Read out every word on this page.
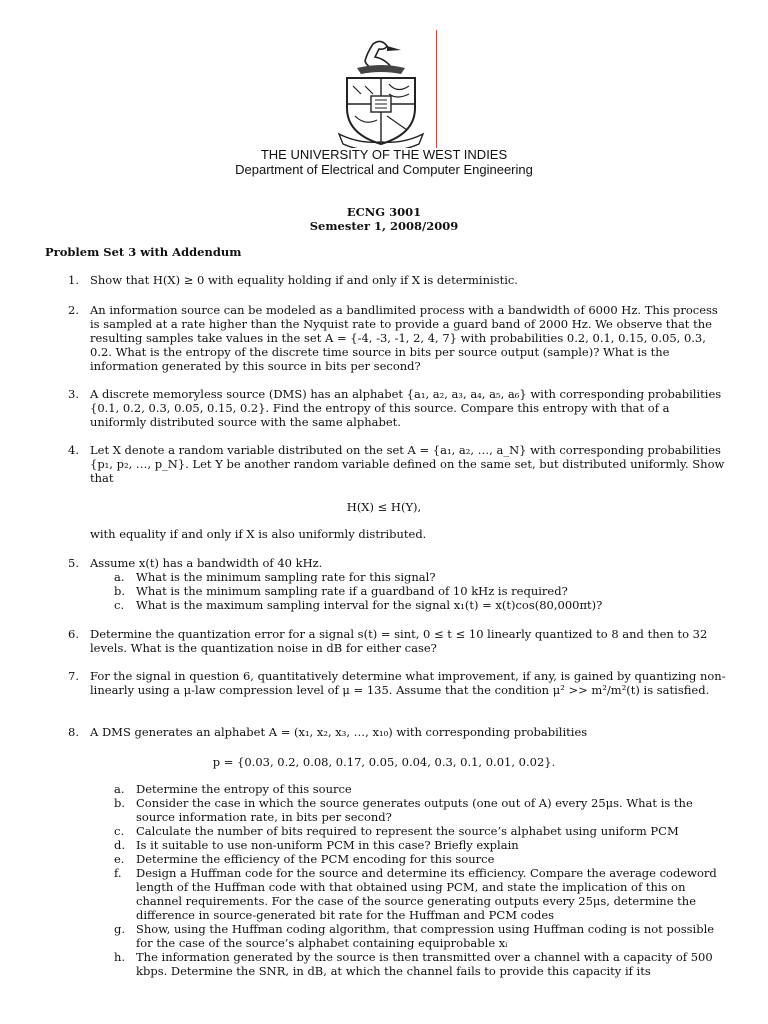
THE UNIVERSITY OF THE WEST INDIES
Department of Electrical and Computer Engineering
ECNG 3001
Semester 1, 2008/2009
Problem Set 3 with Addendum
1. Show that H(X) ≥ 0 with equality holding if and only if X is deterministic.
2. An information source can be modeled as a bandlimited process with a bandwidth of 6000 Hz. This process is sampled at a rate higher than the Nyquist rate to provide a guard band of 2000 Hz. We observe that the resulting samples take values in the set A = {-4, -3, -1, 2, 4, 7} with probabilities 0.2, 0.1, 0.15, 0.05, 0.3, 0.2. What is the entropy of the discrete time source in bits per source output (sample)? What is the information generated by this source in bits per second?
3. A discrete memoryless source (DMS) has an alphabet {a₁, a₂, a₃, a₄, a₅, a₆} with corresponding probabilities {0.1, 0.2, 0.3, 0.05, 0.15, 0.2}. Find the entropy of this source. Compare this entropy with that of a uniformly distributed source with the same alphabet.
4. Let X denote a random variable distributed on the set A = {a₁, a₂, …, a_N} with corresponding probabilities {p₁, p₂, …, p_N}. Let Y be another random variable defined on the same set, but distributed uniformly. Show that
H(X) ≤ H(Y),
with equality if and only if X is also uniformly distributed.
5. Assume x(t) has a bandwidth of 40 kHz.
a. What is the minimum sampling rate for this signal?
b. What is the minimum sampling rate if a guardband of 10 kHz is required?
c. What is the maximum sampling interval for the signal x₁(t) = x(t)cos(80,000πt)?
6. Determine the quantization error for a signal s(t) = sint, 0 ≤ t ≤ 10 linearly quantized to 8 and then to 32 levels. What is the quantization noise in dB for either case?
7. For the signal in question 6, quantitatively determine what improvement, if any, is gained by quantizing non-linearly using a μ-law compression level of μ = 135. Assume that the condition μ² >> m²/m²(t) is satisfied.
8. A DMS generates an alphabet A = (x₁, x₂, x₃, …, x₁₀) with corresponding probabilities
p = {0.03, 0.2, 0.08, 0.17, 0.05, 0.04, 0.3, 0.1, 0.01, 0.02}.
a. Determine the entropy of this source
b. Consider the case in which the source generates outputs (one out of A) every 25μs. What is the source information rate, in bits per second?
c. Calculate the number of bits required to represent the source’s alphabet using uniform PCM
d. Is it suitable to use non-uniform PCM in this case? Briefly explain
e. Determine the efficiency of the PCM encoding for this source
f. Design a Huffman code for the source and determine its efficiency. Compare the average codeword length of the Huffman code with that obtained using PCM, and state the implication of this on channel requirements. For the case of the source generating outputs every 25μs, determine the difference in source-generated bit rate for the Huffman and PCM codes
g. Show, using the Huffman coding algorithm, that compression using Huffman coding is not possible for the case of the source’s alphabet containing equiprobable xᵢ
h. The information generated by the source is then transmitted over a channel with a capacity of 500 kbps. Determine the SNR, in dB, at which the channel fails to provide this capacity if its
